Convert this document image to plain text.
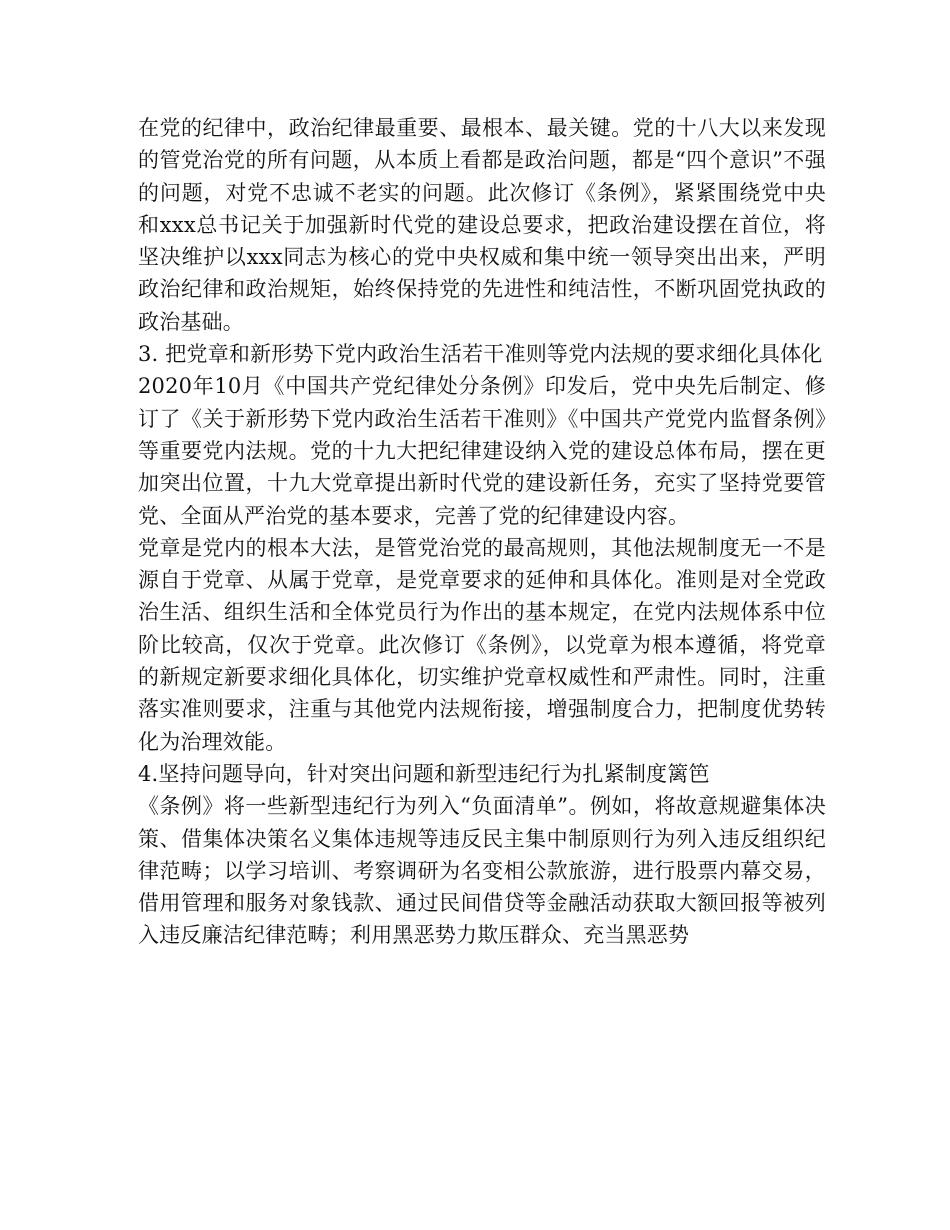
在党的纪律中，政治纪律最重要、最根本、最关键。党的十八大以来发现的管党治党的所有问题，从本质上看都是政治问题，都是“四个意识”不强的问题，对党不忠诚不老实的问题。此次修订《条例》，紧紧围绕党中央和xxx总书记关于加强新时代党的建设总要求，把政治建设摆在首位，将坚决维护以xxx同志为核心的党中央权威和集中统一领导突出出来，严明政治纪律和政治规矩，始终保持党的先进性和纯洁性，不断巩固党执政的政治基础。

3. 把党章和新形势下党内政治生活若干准则等党内法规的要求细化具体化

2020年10月《中国共产党纪律处分条例》印发后，党中央先后制定、修订了《关于新形势下党内政治生活若干准则》《中国共产党党内监督条例》等重要党内法规。党的十九大把纪律建设纳入党的建设总体布局，摆在更加突出位置，十九大党章提出新时代党的建设新任务，充实了坚持党要管党、全面从严治党的基本要求，完善了党的纪律建设内容。

党章是党内的根本大法，是管党治党的最高规则，其他法规制度无一不是源自于党章、从属于党章，是党章要求的延伸和具体化。准则是对全党政治生活、组织生活和全体党员行为作出的基本规定，在党内法规体系中位阶比较高，仅次于党章。此次修订《条例》，以党章为根本遵循，将党章的新规定新要求细化具体化，切实维护党章权威性和严肃性。同时，注重落实准则要求，注重与其他党内法规衔接，增强制度合力，把制度优势转化为治理效能。

4.坚持问题导向，针对突出问题和新型违纪行为扎紧制度篱笆

《条例》将一些新型违纪行为列入“负面清单”。例如，将故意规避集体决策、借集体决策名义集体违规等违反民主集中制原则行为列入违反组织纪律范畴；以学习培训、考察调研为名变相公款旅游，进行股票内幕交易，借用管理和服务对象钱款、通过民间借贷等金融活动获取大额回报等被列入违反廉洁纪律范畴；利用黑恶势力欺压群众、充当黑恶势
